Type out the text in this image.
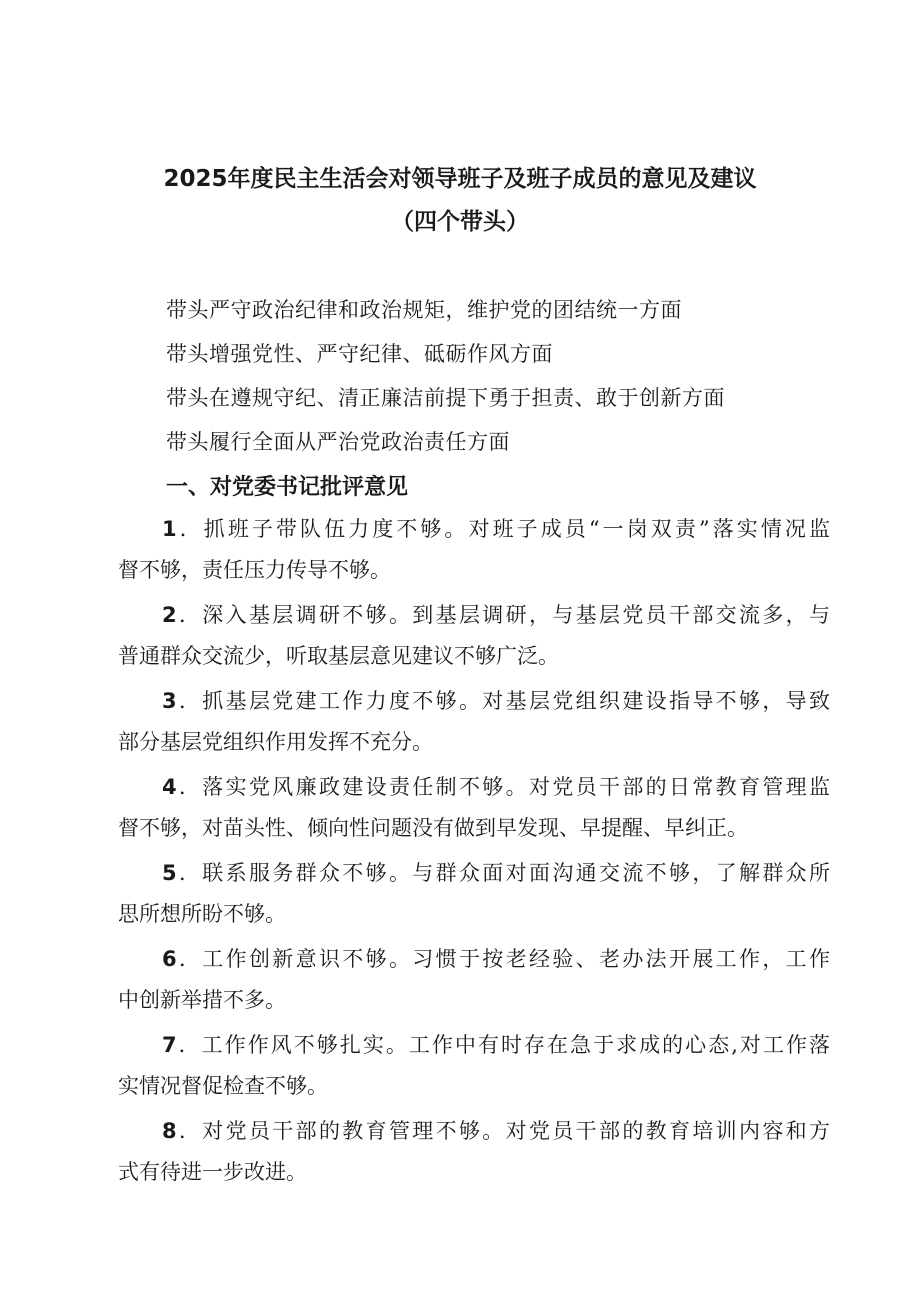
2025年度民主生活会对领导班子及班子成员的意见及建议
（四个带头）
带头严守政治纪律和政治规矩，维护党的团结统一方面
带头增强党性、严守纪律、砥砺作风方面
带头在遵规守纪、清正廉洁前提下勇于担责、敢于创新方面
带头履行全面从严治党政治责任方面
一、对党委书记批评意见
1．抓班子带队伍力度不够。对班子成员“一岗双责”落实情况监
督不够，责任压力传导不够。
2．深入基层调研不够。到基层调研，与基层党员干部交流多，与
普通群众交流少，听取基层意见建议不够广泛。
3．抓基层党建工作力度不够。对基层党组织建设指导不够，导致
部分基层党组织作用发挥不充分。
4．落实党风廉政建设责任制不够。对党员干部的日常教育管理监
督不够，对苗头性、倾向性问题没有做到早发现、早提醒、早纠正。
5．联系服务群众不够。与群众面对面沟通交流不够，了解群众所
思所想所盼不够。
6．工作创新意识不够。习惯于按老经验、老办法开展工作，工作
中创新举措不多。
7．工作作风不够扎实。工作中有时存在急于求成的心态,对工作落
实情况督促检查不够。
8．对党员干部的教育管理不够。对党员干部的教育培训内容和方
式有待进一步改进。
